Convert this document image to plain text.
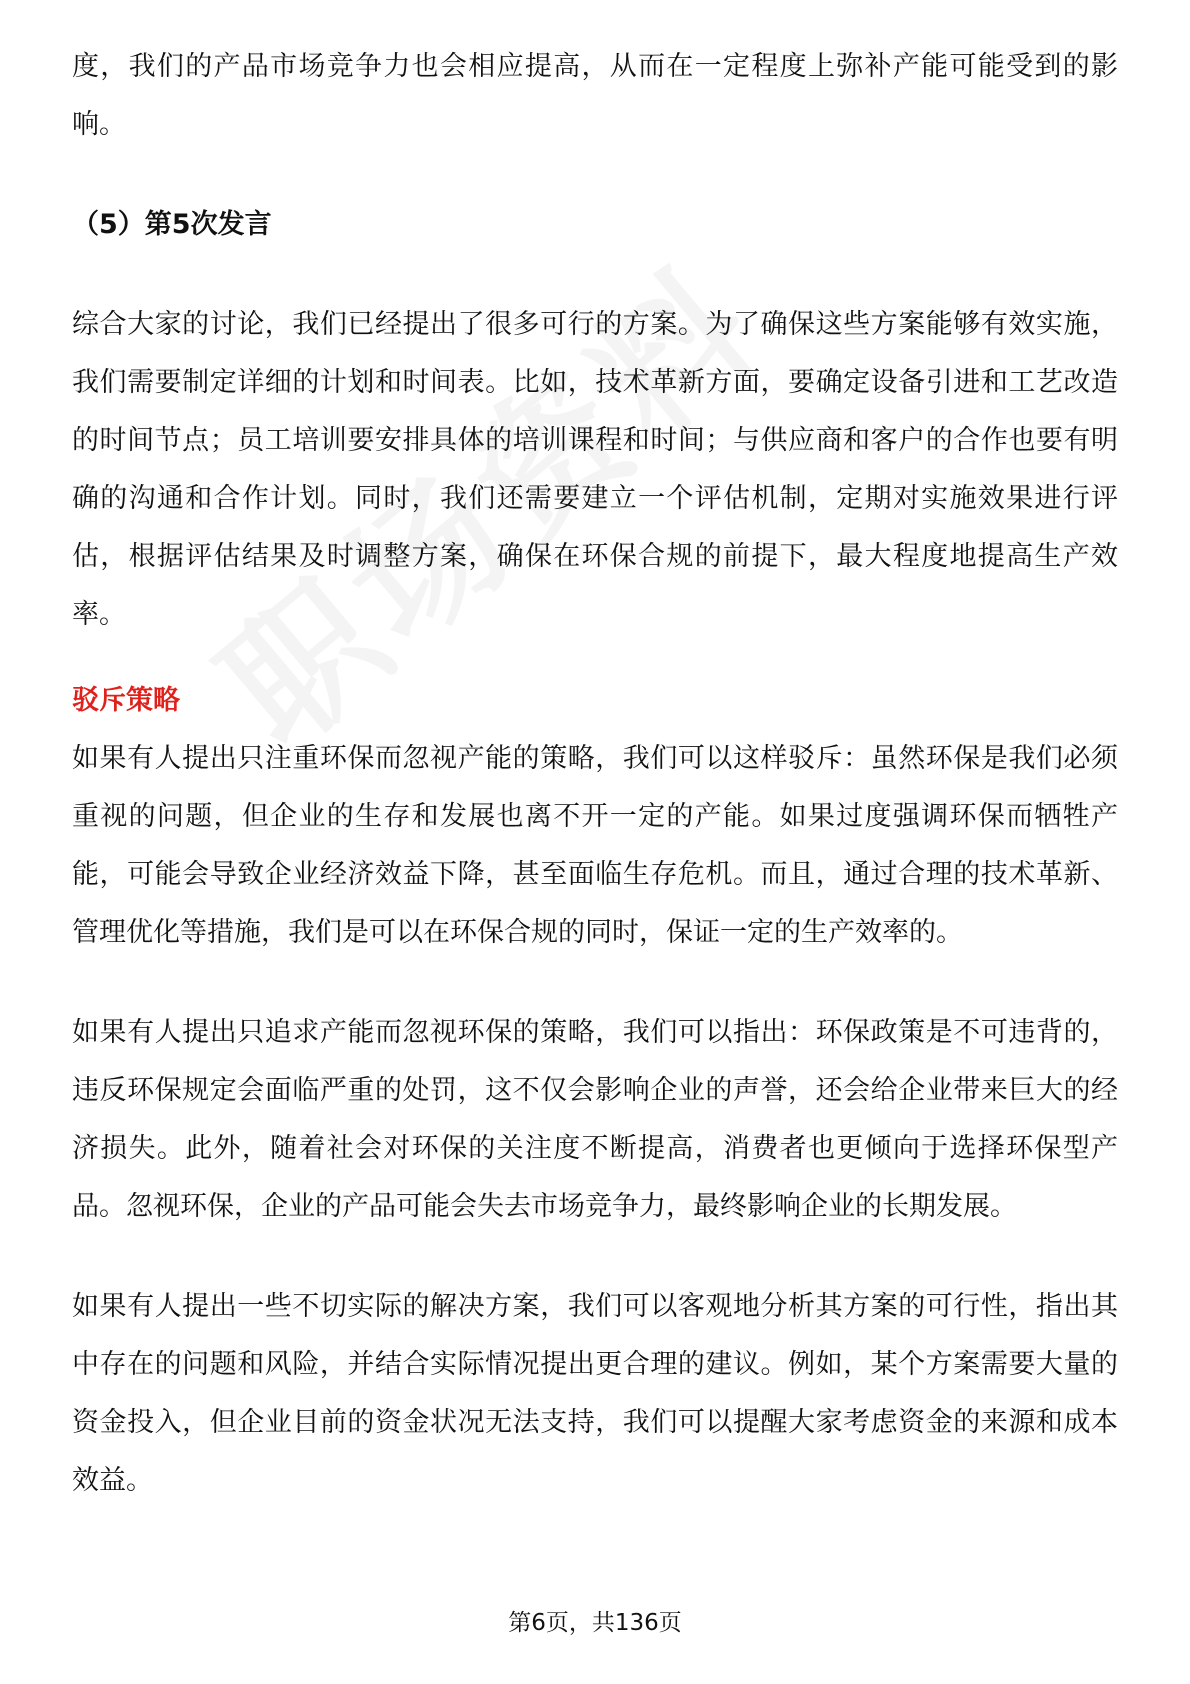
度，我们的产品市场竞争力也会相应提高，从而在一定程度上弥补产能可能受到的影响。

（5）第5次发言

综合大家的讨论，我们已经提出了很多可行的方案。为了确保这些方案能够有效实施，我们需要制定详细的计划和时间表。比如，技术革新方面，要确定设备引进和工艺改造的时间节点；员工培训要安排具体的培训课程和时间；与供应商和客户的合作也要有明确的沟通和合作计划。同时，我们还需要建立一个评估机制，定期对实施效果进行评估，根据评估结果及时调整方案，确保在环保合规的前提下，最大程度地提高生产效率。

驳斥策略

如果有人提出只注重环保而忽视产能的策略，我们可以这样驳斥：虽然环保是我们必须重视的问题，但企业的生存和发展也离不开一定的产能。如果过度强调环保而牺牲产能，可能会导致企业经济效益下降，甚至面临生存危机。而且，通过合理的技术革新、管理优化等措施，我们是可以在环保合规的同时，保证一定的生产效率的。

如果有人提出只追求产能而忽视环保的策略，我们可以指出：环保政策是不可违背的，违反环保规定会面临严重的处罚，这不仅会影响企业的声誉，还会给企业带来巨大的经济损失。此外，随着社会对环保的关注度不断提高，消费者也更倾向于选择环保型产品。忽视环保，企业的产品可能会失去市场竞争力，最终影响企业的长期发展。

如果有人提出一些不切实际的解决方案，我们可以客观地分析其方案的可行性，指出其中存在的问题和风险，并结合实际情况提出更合理的建议。例如，某个方案需要大量的资金投入，但企业目前的资金状况无法支持，我们可以提醒大家考虑资金的来源和成本效益。

第6页，共136页
